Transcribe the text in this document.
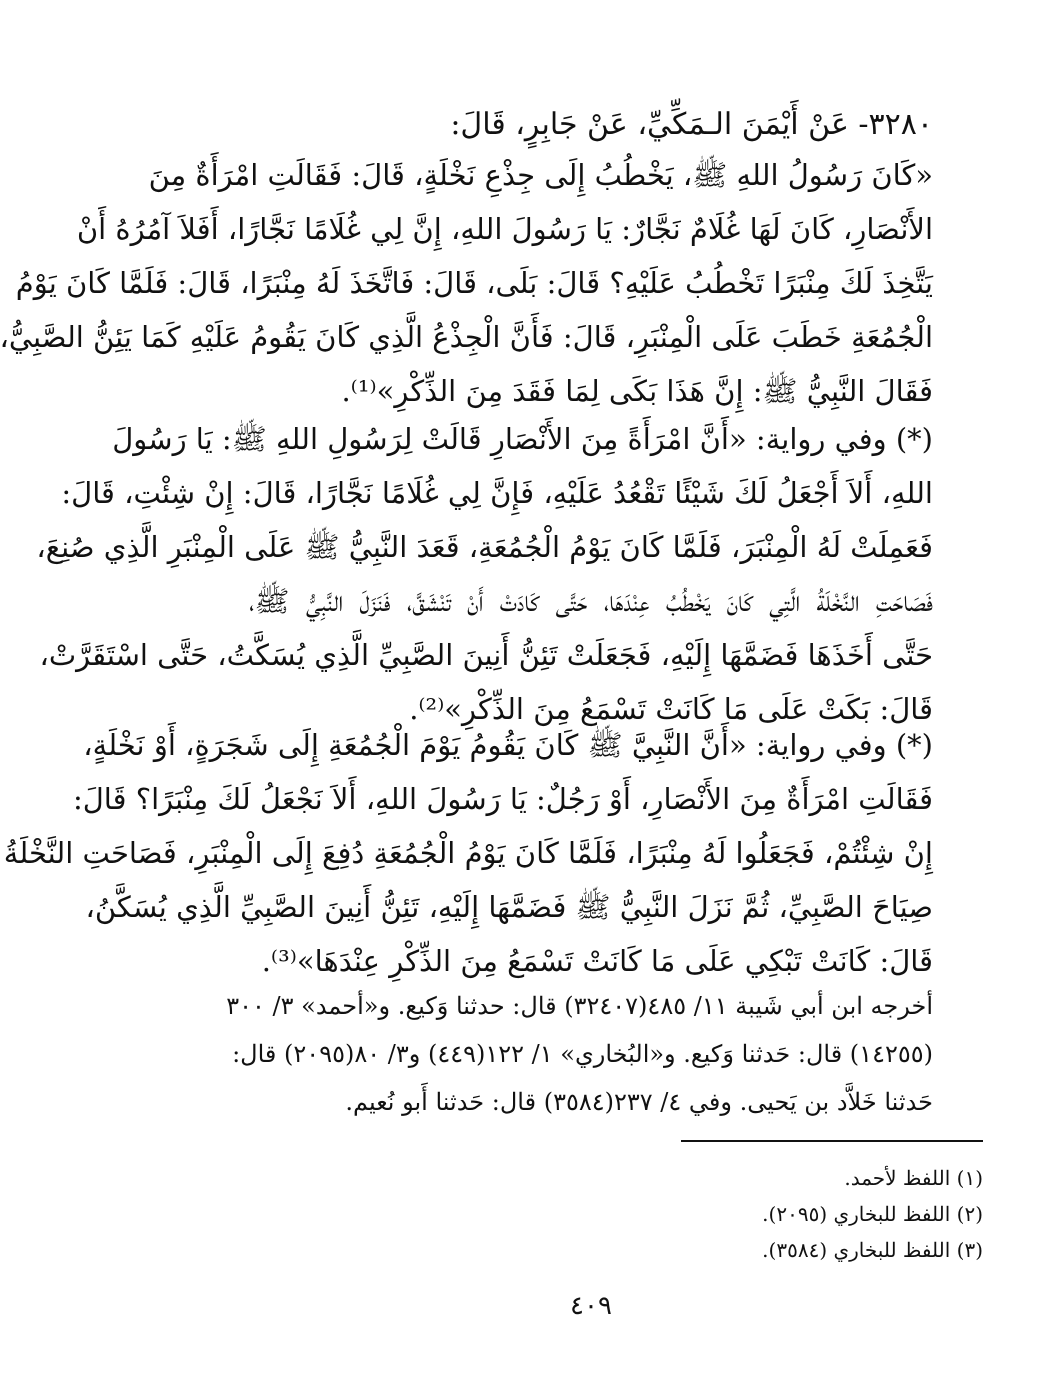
٣٢٨٠- عَنْ أَيْمَنَ الـمَكِّيِّ، عَنْ جَابِرٍ، قَالَ:
«كَانَ رَسُولُ اللهِ ﷺ، يَخْطُبُ إِلَى جِذْعِ نَخْلَةٍ، قَالَ: فَقَالَتِ امْرَأَةٌ مِنَ
الأَنْصَارِ، كَانَ لَهَا غُلَامٌ نَجَّارٌ: يَا رَسُولَ اللهِ، إِنَّ لِي غُلَامًا نَجَّارًا، أَفَلاَ آمُرُهُ أَنْ
يَتَّخِذَ لَكَ مِنْبَرًا تَخْطُبُ عَلَيْهِ؟ قَالَ: بَلَى، قَالَ: فَاتَّخَذَ لَهُ مِنْبَرًا، قَالَ: فَلَمَّا كَانَ يَوْمُ
الْجُمُعَةِ خَطَبَ عَلَى الْمِنْبَرِ، قَالَ: فَأَنَّ الْجِذْعُ الَّذِي كَانَ يَقُومُ عَلَيْهِ كَمَا يَئِنُّ الصَّبِيُّ،
فَقَالَ النَّبِيُّ ﷺ: إِنَّ هَذَا بَكَى لِمَا فَقَدَ مِنَ الذِّكْرِ»⁽¹⁾.
(*) وفي رواية: «أَنَّ امْرَأَةً مِنَ الأَنْصَارِ قَالَتْ لِرَسُولِ اللهِ ﷺ: يَا رَسُولَ
اللهِ، أَلاَ أَجْعَلُ لَكَ شَيْئًا تَقْعُدُ عَلَيْهِ، فَإِنَّ لِي غُلَامًا نَجَّارًا، قَالَ: إِنْ شِئْتِ، قَالَ:
فَعَمِلَتْ لَهُ الْمِنْبَرَ، فَلَمَّا كَانَ يَوْمُ الْجُمُعَةِ، قَعَدَ النَّبِيُّ ﷺ عَلَى الْمِنْبَرِ الَّذِي صُنِعَ،
فَصَاحَتِ النَّخْلَةُ الَّتِي كَانَ يَخْطُبُ عِنْدَهَا، حَتَّى كَادَتْ أَنْ تَنْشَقَّ، فَنَزَلَ النَّبِيُّ ﷺ،
حَتَّى أَخَذَهَا فَضَمَّهَا إِلَيْهِ، فَجَعَلَتْ تَئِنُّ أَنِينَ الصَّبِيِّ الَّذِي يُسَكَّتُ، حَتَّى اسْتَقَرَّتْ،
قَالَ: بَكَتْ عَلَى مَا كَانَتْ تَسْمَعُ مِنَ الذِّكْرِ»⁽²⁾.
(*) وفي رواية: «أَنَّ النَّبِيَّ ﷺ كَانَ يَقُومُ يَوْمَ الْجُمُعَةِ إِلَى شَجَرَةٍ، أَوْ نَخْلَةٍ،
فَقَالَتِ امْرَأَةٌ مِنَ الأَنْصَارِ، أَوْ رَجُلٌ: يَا رَسُولَ اللهِ، أَلاَ نَجْعَلُ لَكَ مِنْبَرًا؟ قَالَ:
إِنْ شِئْتُمْ، فَجَعَلُوا لَهُ مِنْبَرًا، فَلَمَّا كَانَ يَوْمُ الْجُمُعَةِ دُفِعَ إِلَى الْمِنْبَرِ، فَصَاحَتِ النَّخْلَةُ
صِيَاحَ الصَّبِيِّ، ثُمَّ نَزَلَ النَّبِيُّ ﷺ فَضَمَّهَا إِلَيْهِ، تَئِنُّ أَنِينَ الصَّبِيِّ الَّذِي يُسَكَّنُ،
قَالَ: كَانَتْ تَبْكِي عَلَى مَا كَانَتْ تَسْمَعُ مِنَ الذِّكْرِ عِنْدَهَا»⁽³⁾.
أخرجه ابن أبي شَيبة ١١/ ٤٨٥(٣٢٤٠٧) قال: حدثنا وَكيع. و«أحمد» ٣/ ٣٠٠
(١٤٢٥٥) قال: حَدثنا وَكيع. و«البُخاري» ١/ ١٢٢(٤٤٩) و٣/ ٨٠(٢٠٩٥) قال:
حَدثنا خَلاَّد بن يَحيى. وفي ٤/ ٢٣٧(٣٥٨٤) قال: حَدثنا أَبو نُعيم.
(١) اللفظ لأحمد.
(٢) اللفظ للبخاري (٢٠٩٥).
(٣) اللفظ للبخاري (٣٥٨٤).
٤٠٩
